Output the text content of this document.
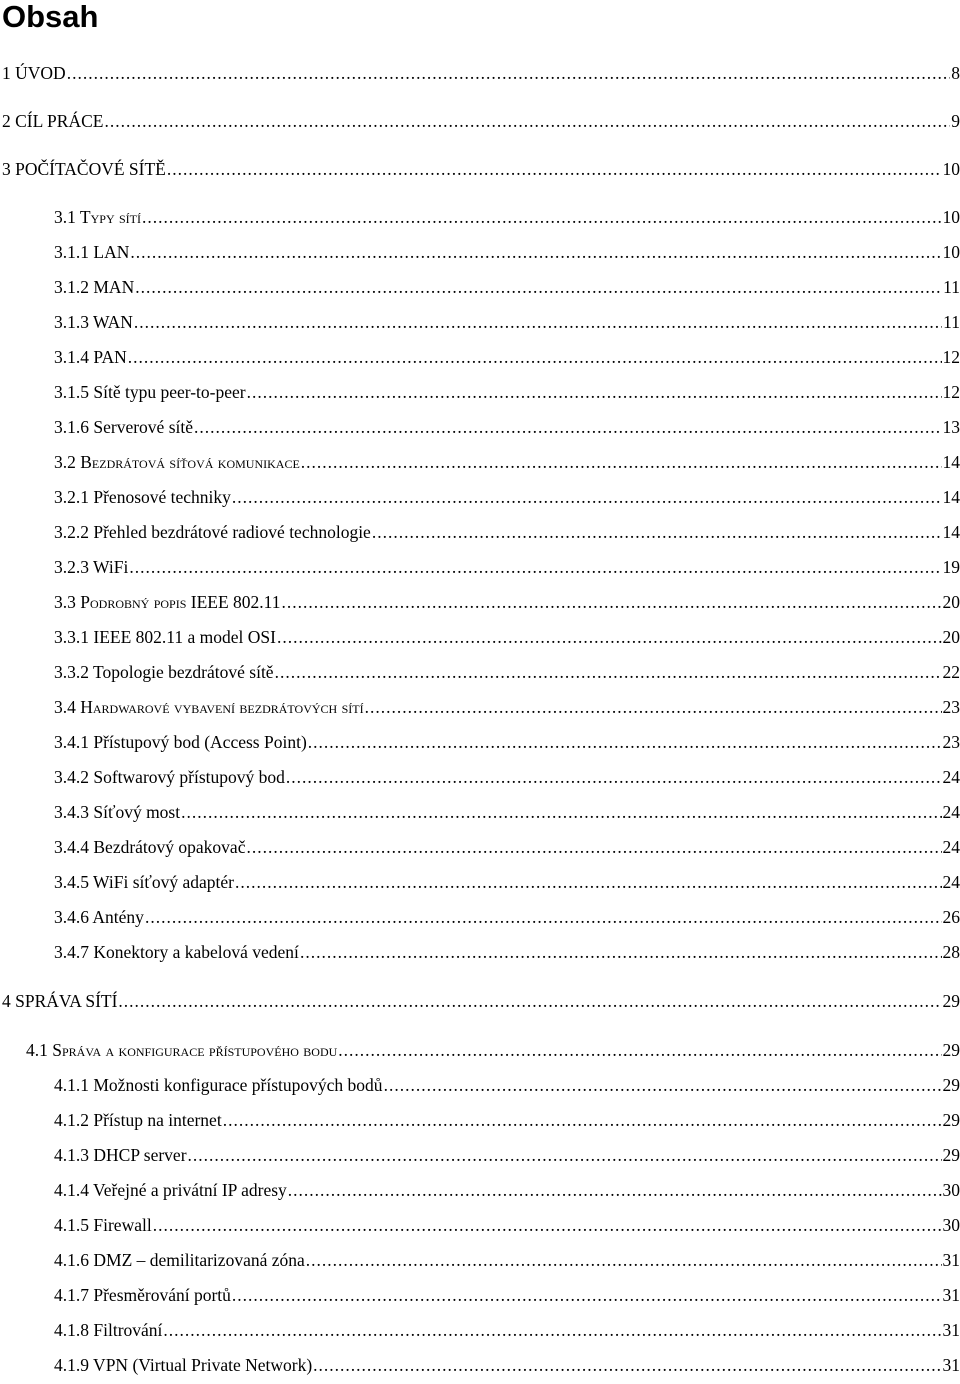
Obsah
1 ÚVOD .....	8
2 CÍL PRÁCE .....	9
3 POČÍTAČOVÉ SÍTĚ .....	10
3.1 Typy sítí .....	10
3.1.1 LAN .....	10
3.1.2 MAN .....	11
3.1.3 WAN .....	11
3.1.4 PAN .....	12
3.1.5 Sítě typu peer-to-peer .....	12
3.1.6 Serverové sítě .....	13
3.2 Bezdrátová síťová komunikace .....	14
3.2.1 Přenosové techniky .....	14
3.2.2 Přehled bezdrátové radiové technologie .....	14
3.2.3 WiFi .....	19
3.3 Podrobný popis IEEE 802.11 .....	20
3.3.1 IEEE 802.11 a model OSI .....	20
3.3.2 Topologie bezdrátové sítě .....	22
3.4 Hardwarové vybavení bezdrátových sítí .....	23
3.4.1 Přístupový bod (Access Point) .....	23
3.4.2 Softwarový přístupový bod .....	24
3.4.3 Síťový most .....	24
3.4.4 Bezdrátový opakovač .....	24
3.4.5 WiFi síťový adaptér .....	24
3.4.6 Antény .....	26
3.4.7 Konektory a kabelová vedení .....	28
4 SPRÁVA SÍTÍ .....	29
4.1 Správa a konfigurace přístupového bodu .....	29
4.1.1 Možnosti konfigurace přístupových bodů .....	29
4.1.2 Přístup na internet .....	29
4.1.3 DHCP server .....	29
4.1.4 Veřejné a privátní IP adresy .....	30
4.1.5 Firewall .....	30
4.1.6 DMZ – demilitarizovaná zóna .....	31
4.1.7 Přesměrování portů .....	31
4.1.8 Filtrování .....	31
4.1.9 VPN (Virtual Private Network) .....	31
